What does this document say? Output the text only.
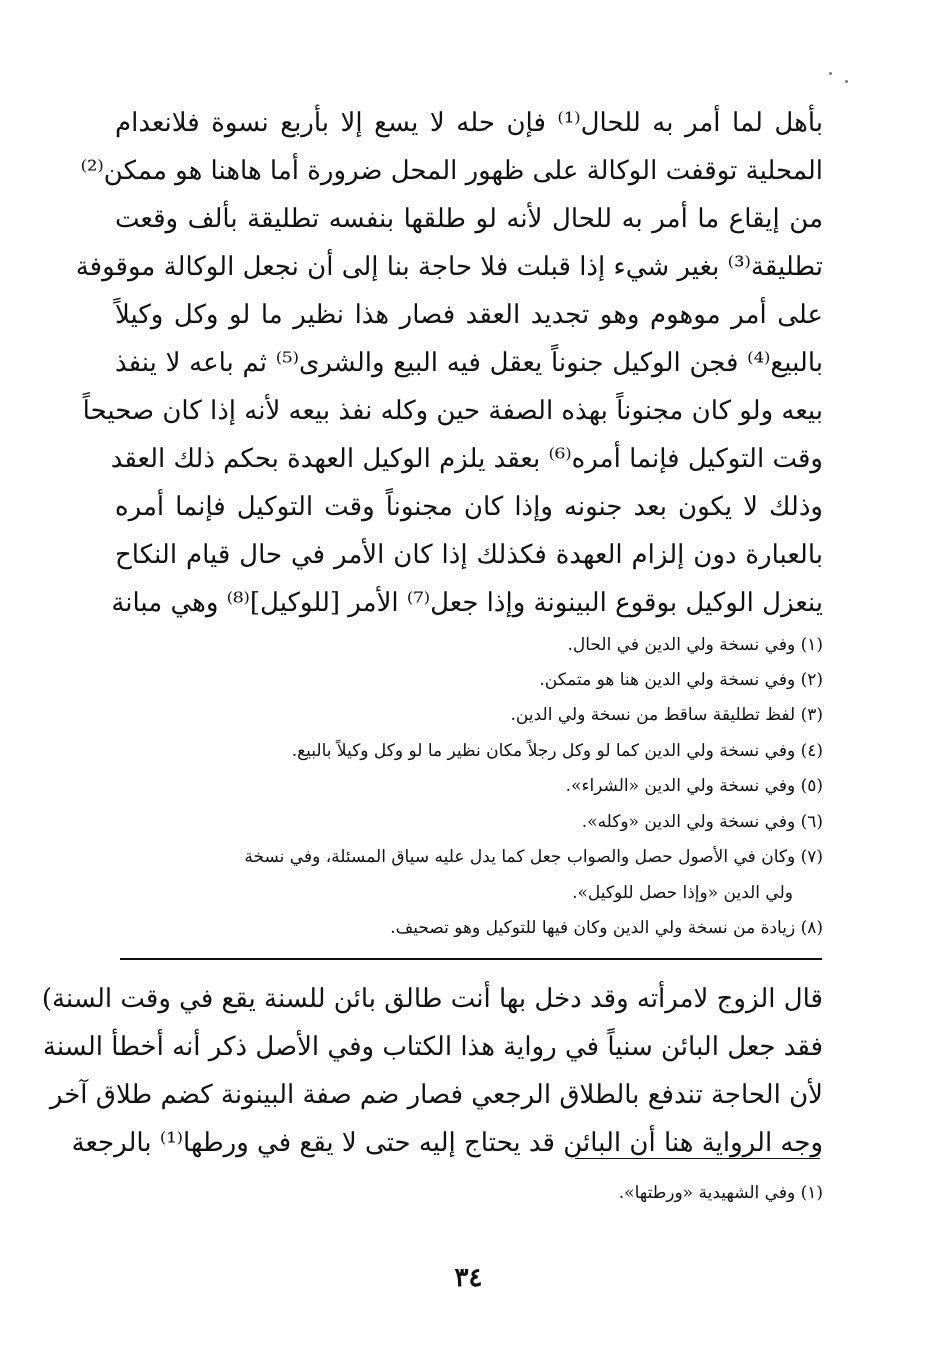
بأهل لما أمر به للحال⁽¹⁾ فإن حله لا يسع إلا بأربع نسوة فلانعدام
المحلية توقفت الوكالة على ظهور المحل ضرورة أما هاهنا هو ممكن⁽²⁾
من إيقاع ما أمر به للحال لأنه لو طلقها بنفسه تطليقة بألف وقعت
تطليقة⁽³⁾ بغير شيء إذا قبلت فلا حاجة بنا إلى أن نجعل الوكالة موقوفة
على أمر موهوم وهو تجديد العقد فصار هذا نظير ما لو وكل وكيلاً
بالبيع⁽⁴⁾ فجن الوكيل جنوناً يعقل فيه البيع والشرى⁽⁵⁾ ثم باعه لا ينفذ
بيعه ولو كان مجنوناً بهذه الصفة حين وكله نفذ بيعه لأنه إذا كان صحيحاً
وقت التوكيل فإنما أمره⁽⁶⁾ بعقد يلزم الوكيل العهدة بحكم ذلك العقد
وذلك لا يكون بعد جنونه وإذا كان مجنوناً وقت التوكيل فإنما أمره
بالعبارة دون إلزام العهدة فكذلك إذا كان الأمر في حال قيام النكاح
ينعزل الوكيل بوقوع البينونة وإذا جعل⁽⁷⁾ الأمر [للوكيل]⁽⁸⁾ وهي مبانة
(١) وفي نسخة ولي الدين في الحال.
(٢) وفي نسخة ولي الدين هنا هو متمكن.
(٣) لفظ تطليقة ساقط من نسخة ولي الدين.
(٤) وفي نسخة ولي الدين كما لو وكل رجلاً مكان نظير ما لو وكل وكيلاً بالبيع.
(٥) وفي نسخة ولي الدين «الشراء».
(٦) وفي نسخة ولي الدين «وكله».
(٧) وكان في الأصول حصل والصواب جعل كما يدل عليه سياق المسئلة، وفي نسخة
ولي الدين «وإذا حصل للوكيل».
(٨) زيادة من نسخة ولي الدين وكان فيها للتوكيل وهو تصحيف.
قال الزوج لامرأته وقد دخل بها أنت طالق بائن للسنة يقع في وقت السنة)
فقد جعل البائن سنياً في رواية هذا الكتاب وفي الأصل ذكر أنه أخطأ السنة
لأن الحاجة تندفع بالطلاق الرجعي فصار ضم صفة البينونة كضم طلاق آخر
وجه الرواية هنا أن البائن قد يحتاج إليه حتى لا يقع في ورطها⁽¹⁾ بالرجعة
(١) وفي الشهيدية «ورطتها».
٣٤
